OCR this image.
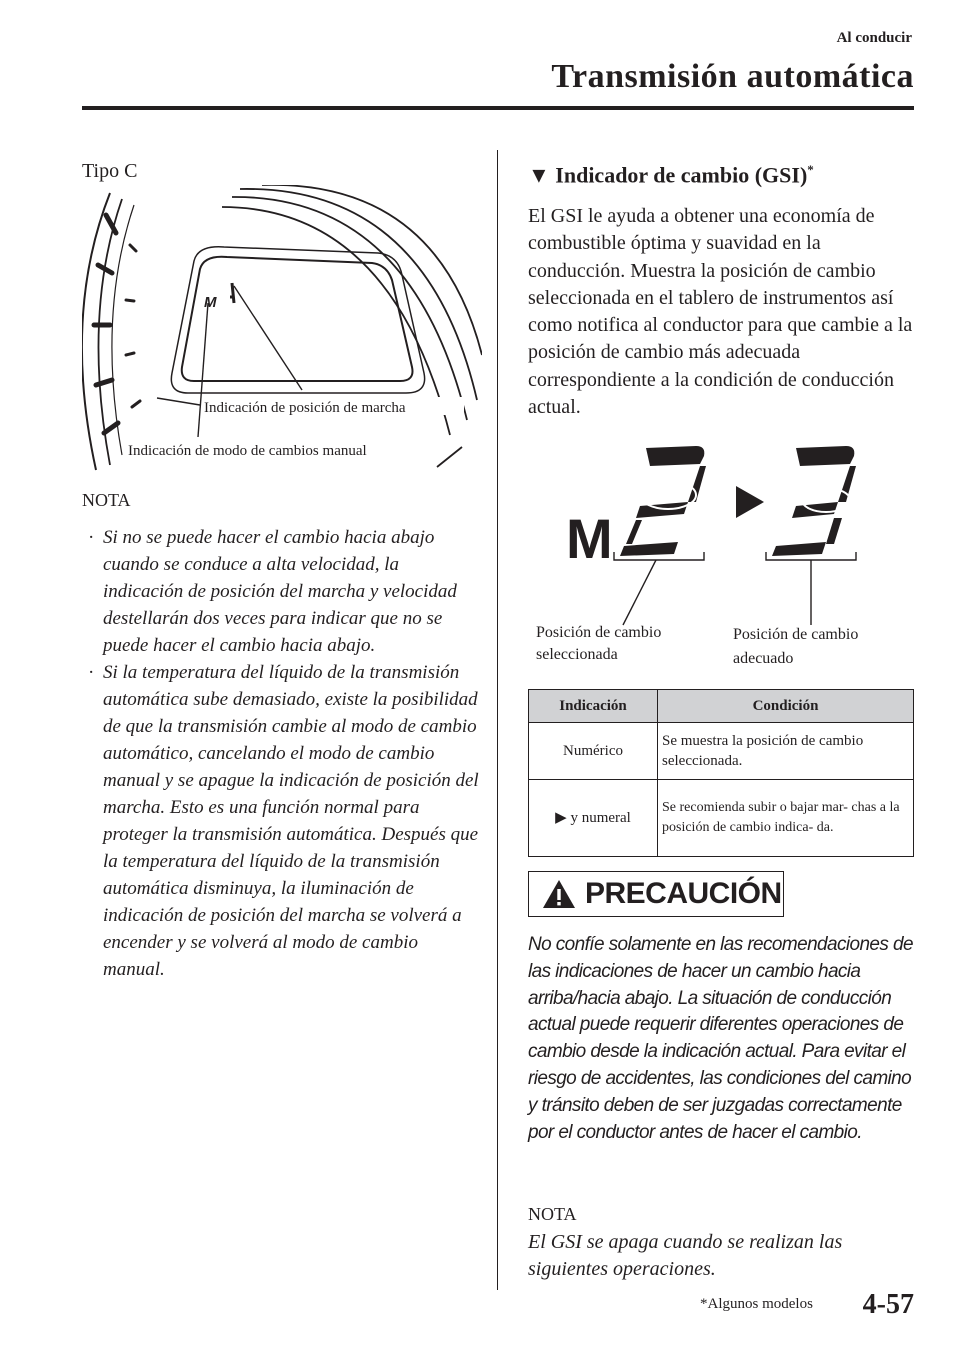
Al conducir
Transmisión automática
Tipo C
M
Indicación de posición de marcha
Indicación de modo de cambios manual
NOTA
· Si no se puede hacer el cambio hacia abajo cuando se conduce a alta velocidad, la indicación de posición del marcha y velocidad destellarán dos veces para indicar que no se puede hacer el cambio hacia abajo.
· Si la temperatura del líquido de la transmisión automática sube demasiado, existe la posibilidad de que la transmisión cambie al modo de cambio automático, cancelando el modo de cambio manual y se apague la indicación de posición del marcha. Esto es una función normal para proteger la transmisión automática. Después que la temperatura del líquido de la transmisión automática disminuya, la iluminación de indicación de posición del marcha se volverá a encender y se volverá al modo de cambio manual.
▼ Indicador de cambio (GSI)*

El GSI le ayuda a obtener una economía de combustible óptima y suavidad en la conducción. Muestra la posición de cambio seleccionada en el tablero de instrumentos así como notifica al conductor para que cambie a la posición de cambio más adecuada correspondiente a la condición de conducción actual.

M
Posición de cambio
seleccionada
Posición de cambio
adecuado
Indicación	Condición
Numérico	Se muestra la posición de cambio seleccionada.
▶ y numeral	Se recomienda subir o bajar mar- chas a la posición de cambio indica- da.
PRECAUCIÓN

No confíe solamente en las recomendaciones de las indicaciones de hacer un cambio hacia arriba/hacia abajo. La situación de conducción actual puede requerir diferentes operaciones de cambio desde la indicación actual. Para evitar el riesgo de accidentes, las condiciones del camino y tránsito deben de ser juzgadas correctamente por el conductor antes de hacer el cambio.

NOTA

El GSI se apaga cuando se realizan las siguientes operaciones.

*Algunos modelos 4-57
